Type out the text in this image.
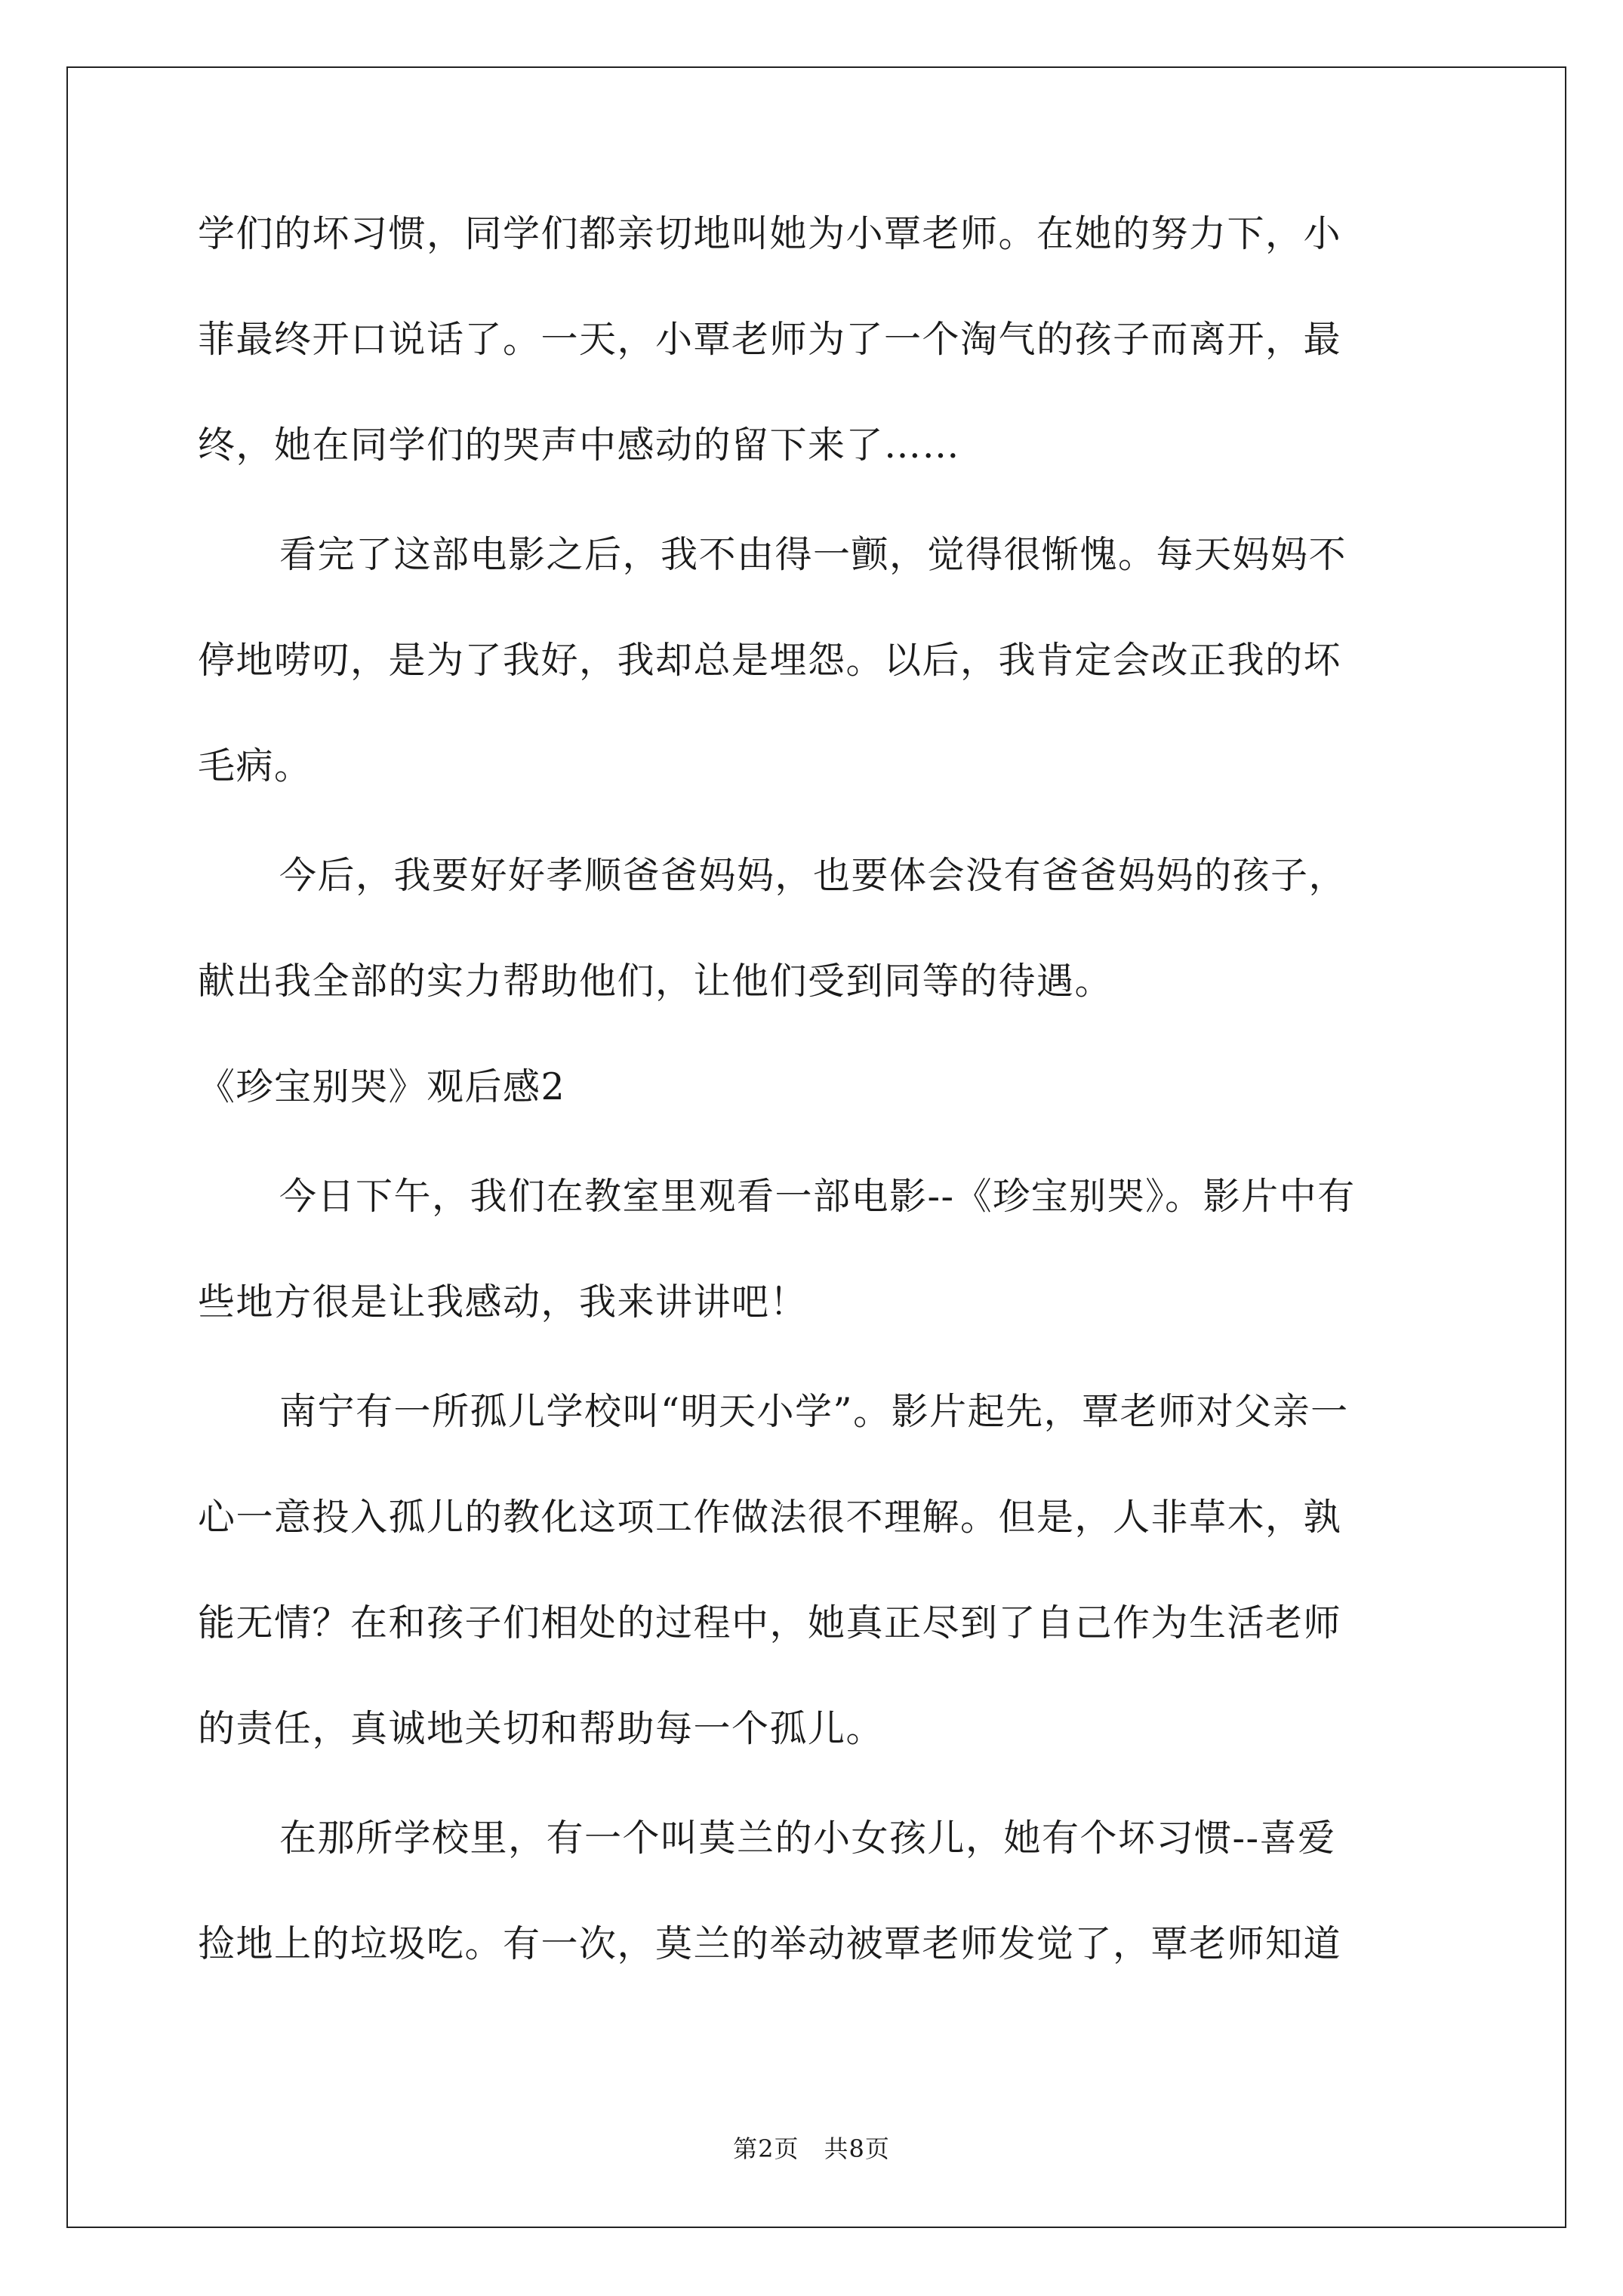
学们的坏习惯，同学们都亲切地叫她为小覃老师。在她的努力下，小
菲最终开口说话了。一天，小覃老师为了一个淘气的孩子而离开，最
终，她在同学们的哭声中感动的留下来了……
看完了这部电影之后，我不由得一颤，觉得很惭愧。每天妈妈不
停地唠叨，是为了我好，我却总是埋怨。以后，我肯定会改正我的坏
毛病。
今后，我要好好孝顺爸爸妈妈，也要体会没有爸爸妈妈的孩子，
献出我全部的实力帮助他们，让他们受到同等的待遇。
《珍宝别哭》观后感2
今日下午，我们在教室里观看一部电影--《珍宝别哭》。影片中有
些地方很是让我感动，我来讲讲吧！
南宁有一所孤儿学校叫“明天小学”。影片起先，覃老师对父亲一
心一意投入孤儿的教化这项工作做法很不理解。但是，人非草木，孰
能无情？在和孩子们相处的过程中，她真正尽到了自己作为生活老师
的责任，真诚地关切和帮助每一个孤儿。
在那所学校里，有一个叫莫兰的小女孩儿，她有个坏习惯--喜爱
捡地上的垃圾吃。有一次，莫兰的举动被覃老师发觉了，覃老师知道
第2页　共8页
